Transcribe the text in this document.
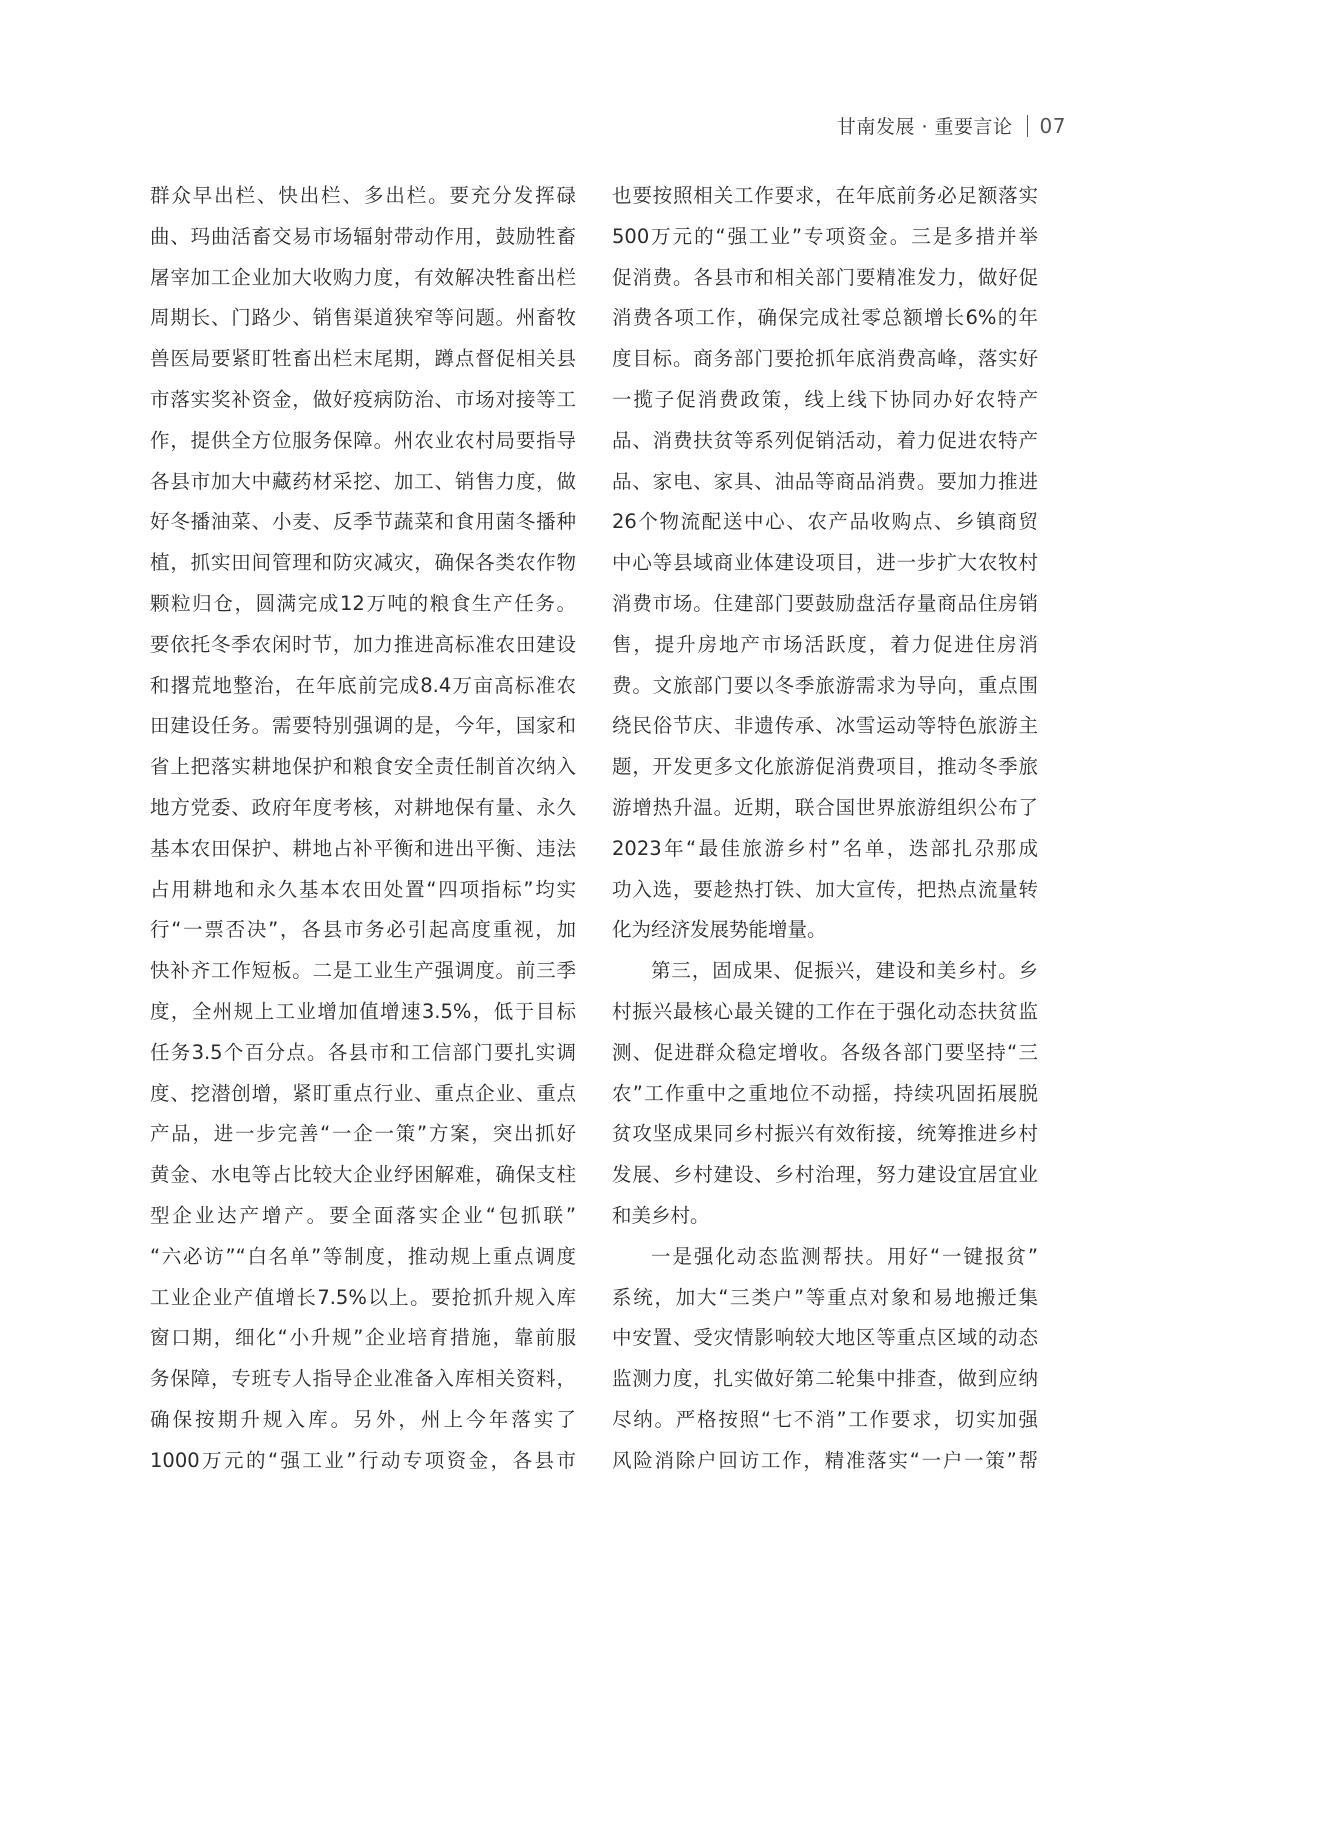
甘南发展 · 重要言论 07
群众早出栏、快出栏、多出栏。要充分发挥碌
曲、玛曲活畜交易市场辐射带动作用，鼓励牲畜
屠宰加工企业加大收购力度，有效解决牲畜出栏
周期长、门路少、销售渠道狭窄等问题。州畜牧
兽医局要紧盯牲畜出栏末尾期，蹲点督促相关县
市落实奖补资金，做好疫病防治、市场对接等工
作，提供全方位服务保障。州农业农村局要指导
各县市加大中藏药材采挖、加工、销售力度，做
好冬播油菜、小麦、反季节蔬菜和食用菌冬播种
植，抓实田间管理和防灾减灾，确保各类农作物
颗粒归仓，圆满完成12万吨的粮食生产任务。
要依托冬季农闲时节，加力推进高标准农田建设
和撂荒地整治，在年底前完成8.4万亩高标准农
田建设任务。需要特别强调的是，今年，国家和
省上把落实耕地保护和粮食安全责任制首次纳入
地方党委、政府年度考核，对耕地保有量、永久
基本农田保护、耕地占补平衡和进出平衡、违法
占用耕地和永久基本农田处置“四项指标”均实
行“一票否决”，各县市务必引起高度重视，加
快补齐工作短板。二是工业生产强调度。前三季
度，全州规上工业增加值增速3.5%，低于目标
任务3.5个百分点。各县市和工信部门要扎实调
度、挖潜创增，紧盯重点行业、重点企业、重点
产品，进一步完善“一企一策”方案，突出抓好
黄金、水电等占比较大企业纾困解难，确保支柱
型企业达产增产。要全面落实企业“包抓联”
“六必访”“白名单”等制度，推动规上重点调度
工业企业产值增长7.5%以上。要抢抓升规入库
窗口期，细化“小升规”企业培育措施，靠前服
务保障，专班专人指导企业准备入库相关资料，
确保按期升规入库。另外，州上今年落实了
1000万元的“强工业”行动专项资金，各县市
也要按照相关工作要求，在年底前务必足额落实
500万元的“强工业”专项资金。三是多措并举
促消费。各县市和相关部门要精准发力，做好促
消费各项工作，确保完成社零总额增长6%的年
度目标。商务部门要抢抓年底消费高峰，落实好
一揽子促消费政策，线上线下协同办好农特产
品、消费扶贫等系列促销活动，着力促进农特产
品、家电、家具、油品等商品消费。要加力推进
26个物流配送中心、农产品收购点、乡镇商贸
中心等县域商业体建设项目，进一步扩大农牧村
消费市场。住建部门要鼓励盘活存量商品住房销
售，提升房地产市场活跃度，着力促进住房消
费。文旅部门要以冬季旅游需求为导向，重点围
绕民俗节庆、非遗传承、冰雪运动等特色旅游主
题，开发更多文化旅游促消费项目，推动冬季旅
游增热升温。近期，联合国世界旅游组织公布了
2023年“最佳旅游乡村”名单，迭部扎尕那成
功入选，要趁热打铁、加大宣传，把热点流量转
化为经济发展势能增量。
第三，固成果、促振兴，建设和美乡村。乡
村振兴最核心最关键的工作在于强化动态扶贫监
测、促进群众稳定增收。各级各部门要坚持“三
农”工作重中之重地位不动摇，持续巩固拓展脱
贫攻坚成果同乡村振兴有效衔接，统筹推进乡村
发展、乡村建设、乡村治理，努力建设宜居宜业
和美乡村。
一是强化动态监测帮扶。用好“一键报贫”
系统，加大“三类户”等重点对象和易地搬迁集
中安置、受灾情影响较大地区等重点区域的动态
监测力度，扎实做好第二轮集中排查，做到应纳
尽纳。严格按照“七不消”工作要求，切实加强
风险消除户回访工作，精准落实“一户一策”帮
